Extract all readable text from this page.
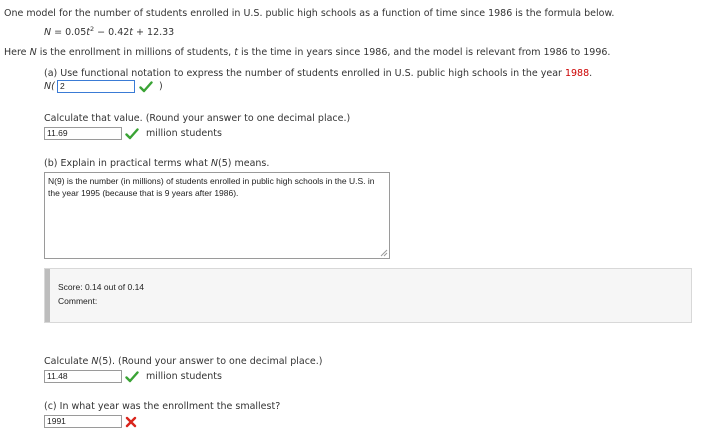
One model for the number of students enrolled in U.S. public high schools as a function of time since 1986 is the formula below.
$N = 0.05t^2 - 0.42t + 12.33$
Here N is the enrollment in millions of students, t is the time in years since 1986, and the model is relevant from 1986 to 1996.
(a) Use functional notation to express the number of students enrolled in U.S. public high schools in the year 1988.
N( 2	)
Calculate that value. (Round your answer to one decimal place.)
11.69	million students
(b) Explain in practical terms what N(5) means.
N(9) is the number (in millions) of students enrolled in public high schools in the U.S. in the year 1995 (because that is 9 years after 1986).
Score: 0.14 out of 0.14
Comment:
Calculate N(5). (Round your answer to one decimal place.)
11.48	million students
(c) In what year was the enrollment the smallest?
1991
